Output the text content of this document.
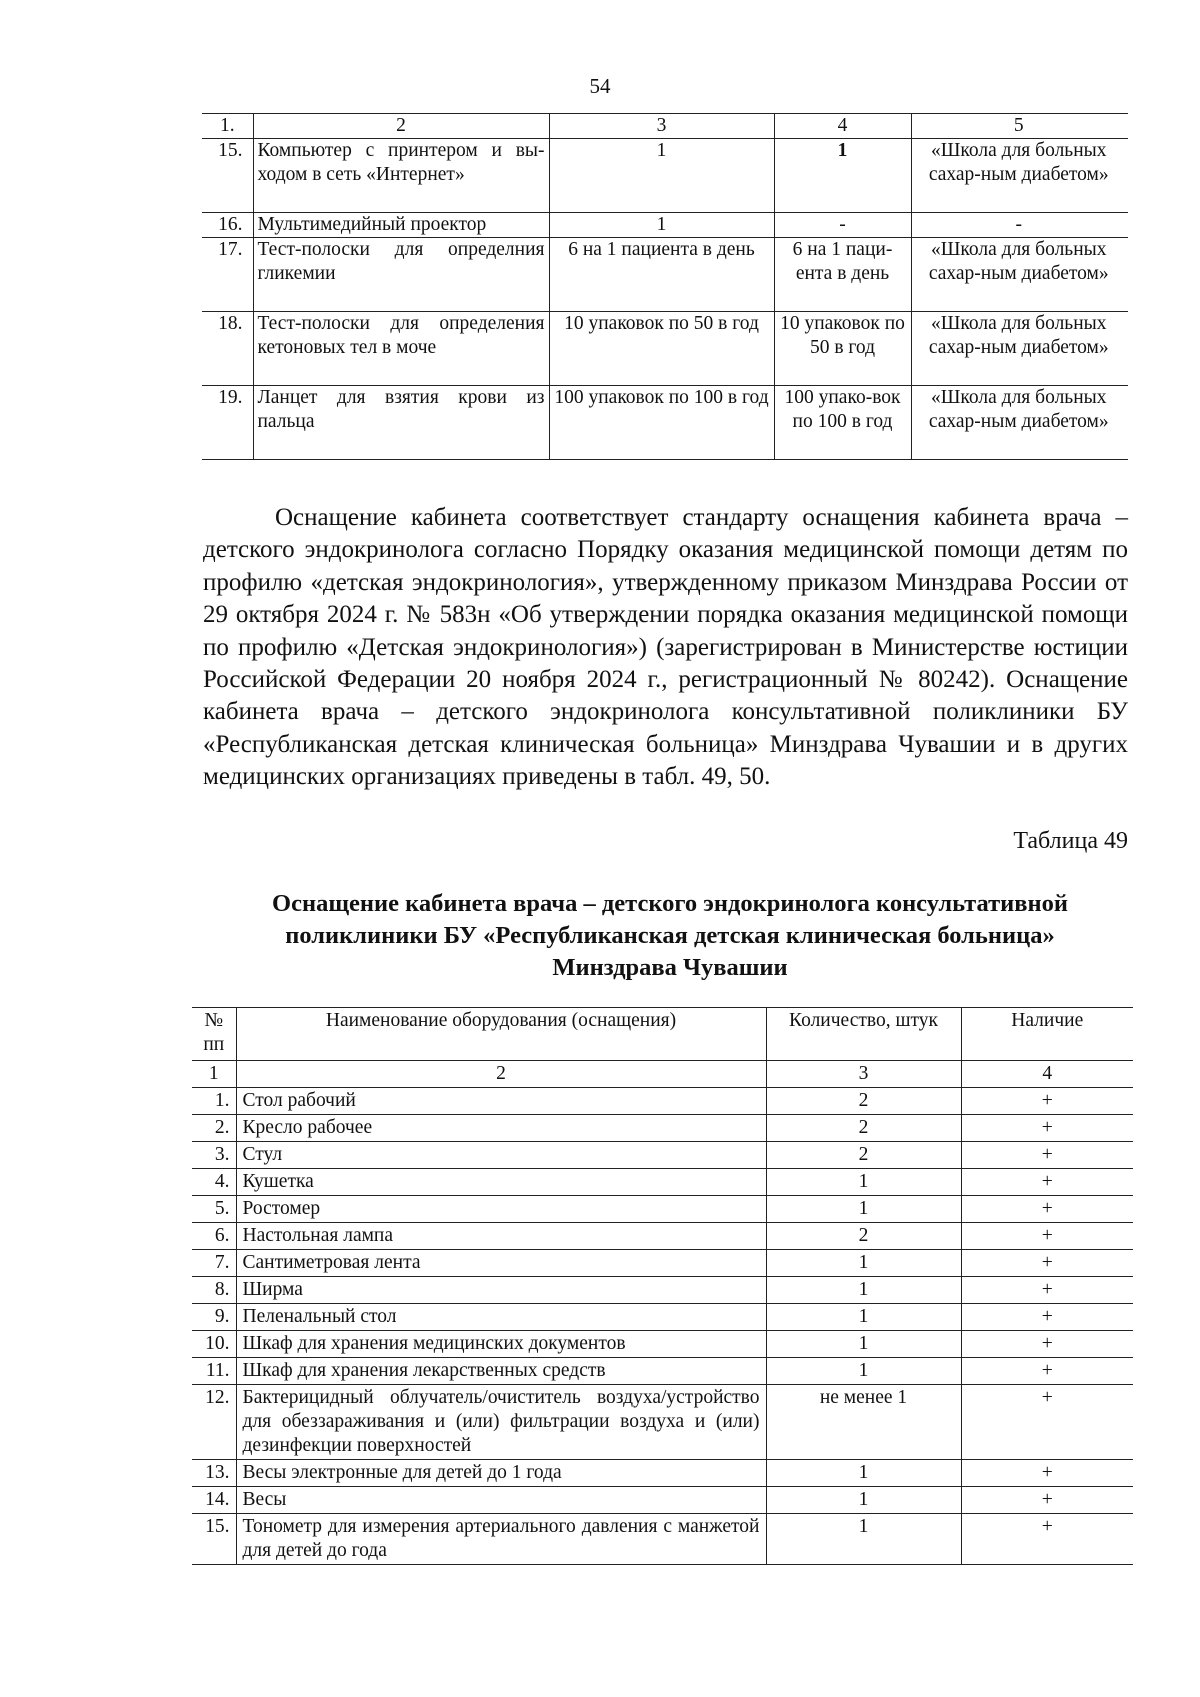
54
1.	2	3	4	5
15.	Компьютер с принтером и вы-ходом в сеть «Интернет»	1	1	«Школа для больных сахар-ным диабетом»
16.	Мультимедийный проектор	1	-	-
17.	Тест-полоски для определния гликемии	6 на 1 пациента в день	6 на 1 паци-ента в день	«Школа для больных сахар-ным диабетом»
18.	Тест-полоски для определения кетоновых тел в моче	10 упаковок по 50 в год	10 упаковок по 50 в год	«Школа для больных сахар-ным диабетом»
19.	Ланцет для взятия крови из пальца	100 упаковок по 100 в год	100 упако-вок по 100 в год	«Школа для больных сахар-ным диабетом»
Оснащение кабинета соответствует стандарту оснащения кабинета врача – детского эндокринолога согласно Порядку оказания медицинской помощи детям по профилю «детская эндокринология», утвержденному приказом Минздрава России от 29 октября 2024 г. № 583н «Об утверждении порядка оказания медицинской помощи по профилю «Детская эндокринология») (зарегистрирован в Министерстве юстиции Российской Федерации 20 ноября 2024 г., регистрационный № 80242). Оснащение кабинета врача – детского эндокринолога консультативной поликлиники БУ «Республиканская детская клиническая больница» Минздрава Чувашии и в других медицинских организациях приведены в табл. 49, 50.
Таблица 49
Оснащение кабинета врача – детского эндокринолога консультативной поликлиники БУ «Республиканская детская клиническая больница» Минздрава Чувашии
№ пп	Наименование оборудования (оснащения)	Количество, штук	Наличие
1	2	3	4
1.	Стол рабочий	2	+
2.	Кресло рабочее	2	+
3.	Стул	2	+
4.	Кушетка	1	+
5.	Ростомер	1	+
6.	Настольная лампа	2	+
7.	Сантиметровая лента	1	+
8.	Ширма	1	+
9.	Пеленальный стол	1	+
10.	Шкаф для хранения медицинских документов	1	+
11.	Шкаф для хранения лекарственных средств	1	+
12.	Бактерицидный облучатель/очиститель воздуха/устройство для обеззараживания и (или) фильтрации воздуха и (или) дезинфекции поверхностей	не менее 1	+
13.	Весы электронные для детей до 1 года	1	+
14.	Весы	1	+
15.	Тонометр для измерения артериального давления с манжетой для детей до года	1	+
